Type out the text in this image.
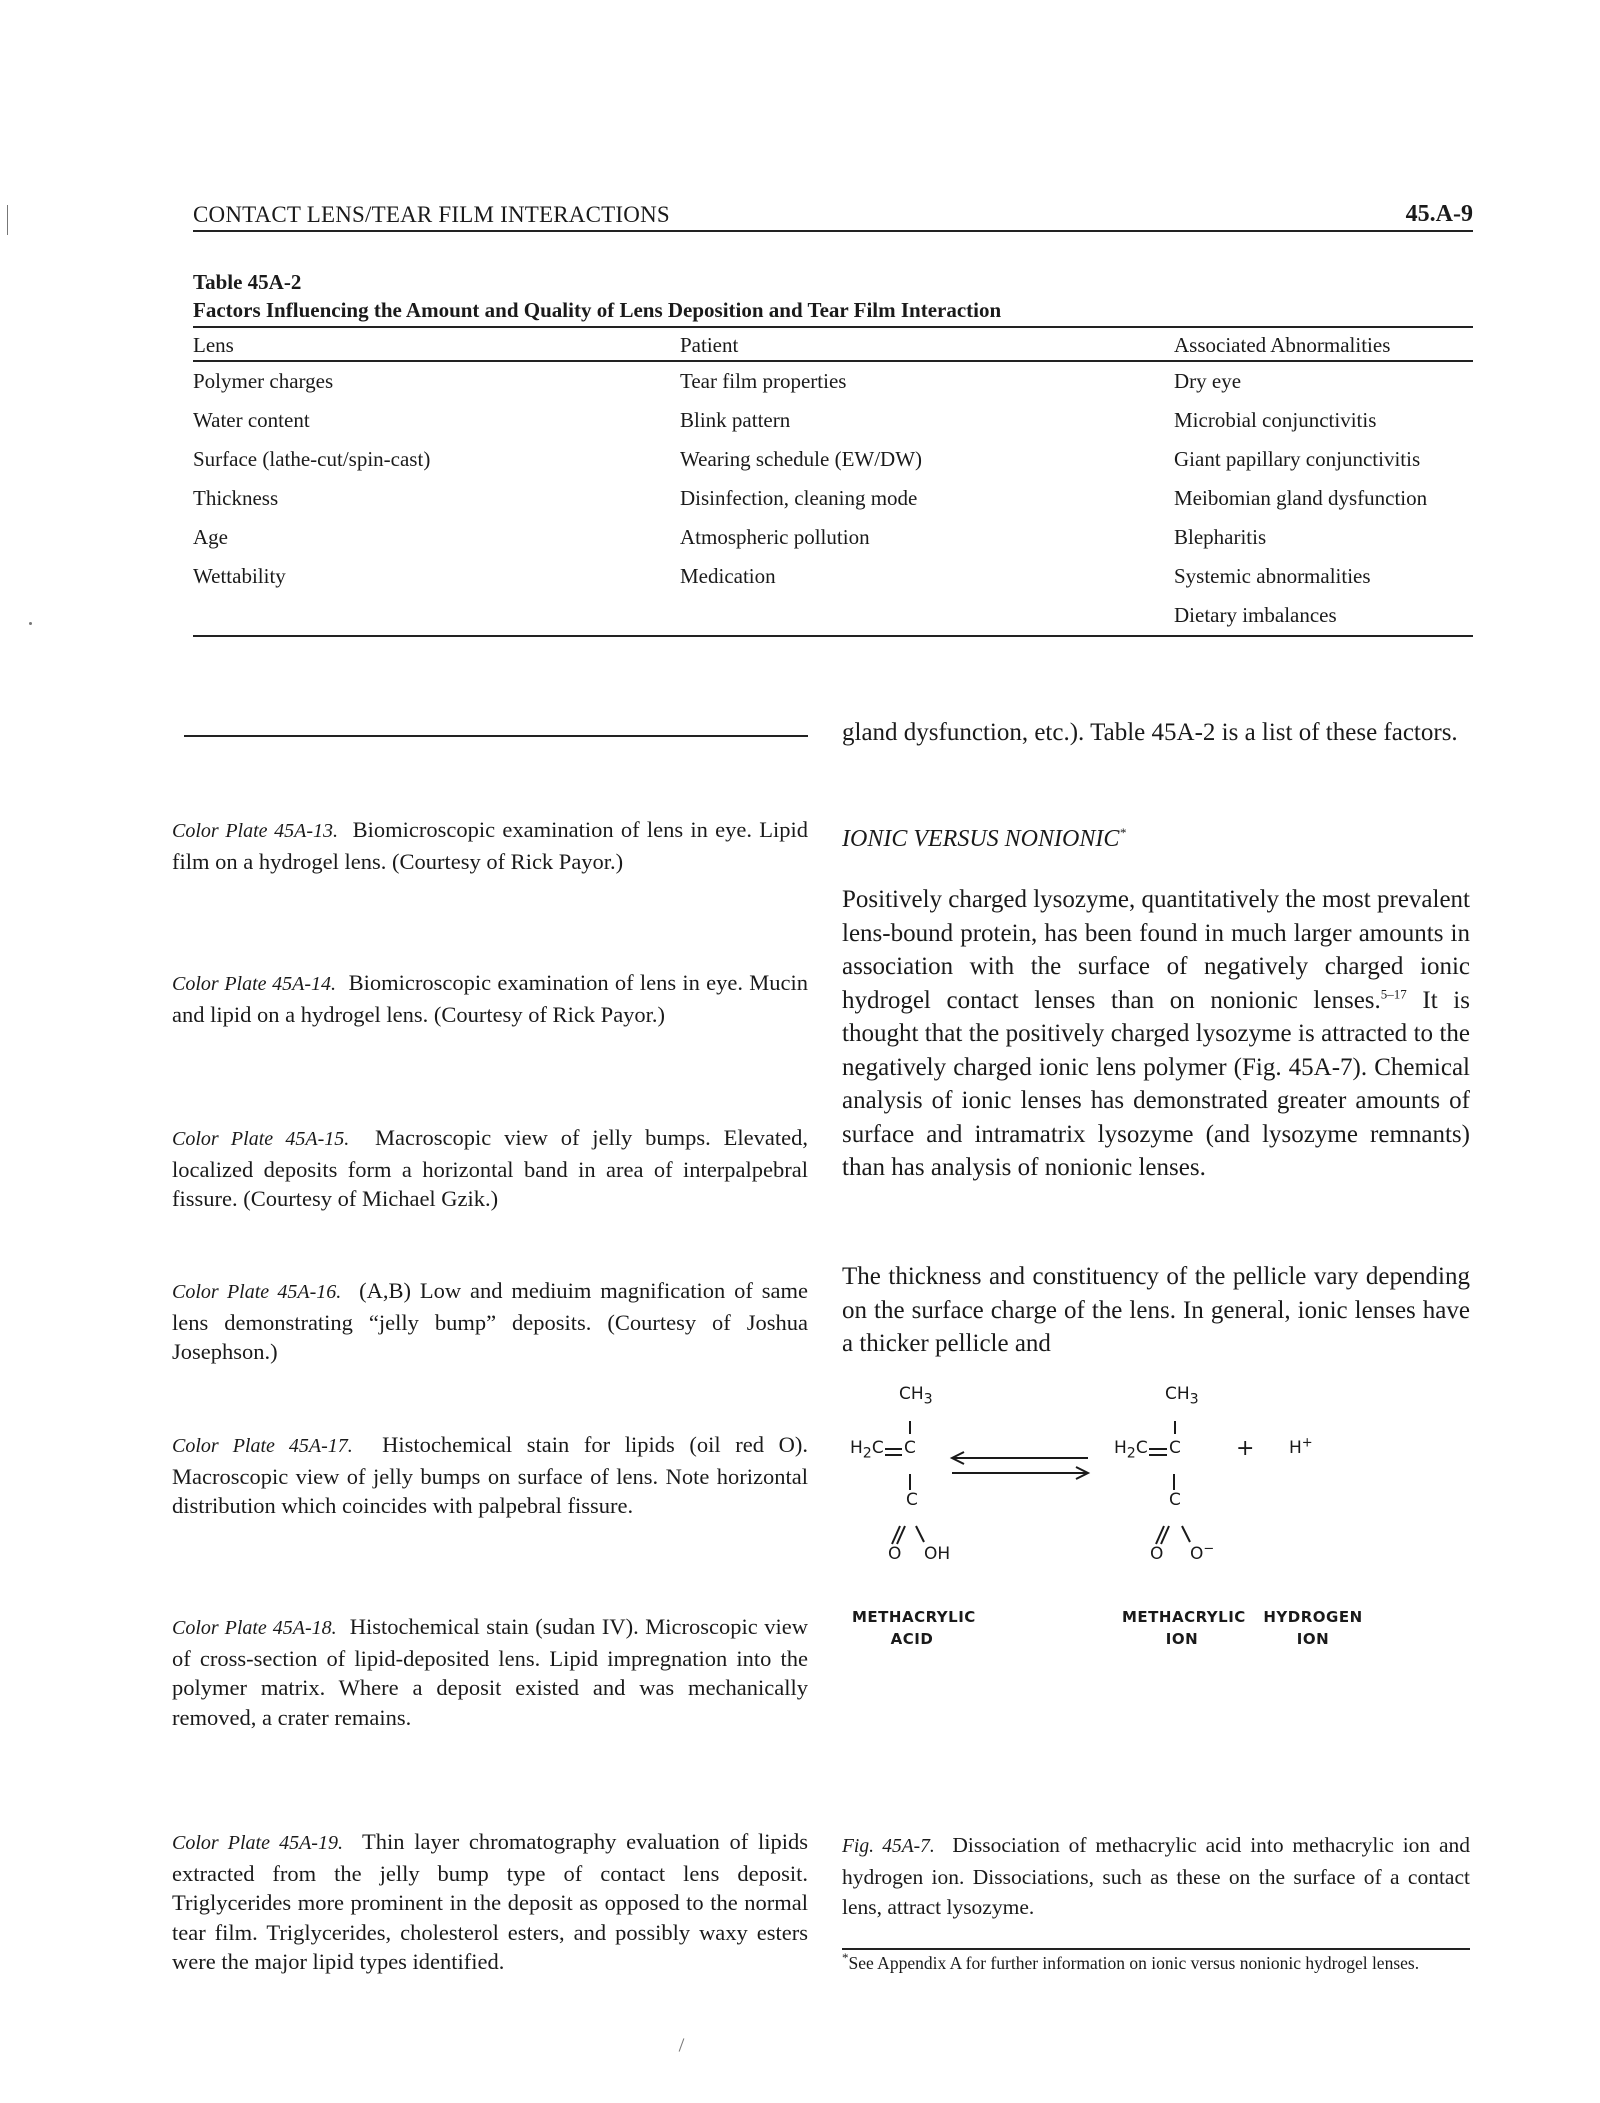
CONTACT LENS/TEAR FILM INTERACTIONS	45.A-9

Table 45A-2

Factors Influencing the Amount and Quality of Lens Deposition and Tear Film Interaction

Lens	Patient	Associated Abnormalities
Polymer charges	Tear film properties	Dry eye
Water content	Blink pattern	Microbial conjunctivitis
Surface (lathe-cut/spin-cast)	Wearing schedule (EW/DW)	Giant papillary conjunctivitis
Thickness	Disinfection, cleaning mode	Meibomian gland dysfunction
Age	Atmospheric pollution	Blepharitis
Wettability	Medication	Systemic abnormalities
		Dietary imbalances

Color Plate 45A-13. Biomicroscopic examination of lens in eye. Lipid film on a hydrogel lens. (Courtesy of Rick Payor.)

Color Plate 45A-14. Biomicroscopic examination of lens in eye. Mucin and lipid on a hydrogel lens. (Courtesy of Rick Payor.)

Color Plate 45A-15. Macroscopic view of jelly bumps. Elevated, localized deposits form a horizontal band in area of interpalpebral fissure. (Courtesy of Michael Gzik.)

Color Plate 45A-16. (A,B) Low and mediuim magnification of same lens demonstrating “jelly bump” deposits. (Courtesy of Joshua Josephson.)

Color Plate 45A-17. Histochemical stain for lipids (oil red O). Macroscopic view of jelly bumps on surface of lens. Note horizontal distribution which coincides with palpebral fissure.

Color Plate 45A-18. Histochemical stain (sudan IV). Microscopic view of cross-section of lipid-deposited lens. Lipid impregnation into the polymer matrix. Where a deposit existed and was mechanically removed, a crater remains.

Color Plate 45A-19. Thin layer chromatography evaluation of lipids extracted from the jelly bump type of contact lens deposit. Triglycerides more prominent in the deposit as opposed to the normal tear film. Triglycerides, cholesterol esters, and possibly waxy esters were the major lipid types identified.

gland dysfunction, etc.). Table 45A-2 is a list of these factors.

IONIC VERSUS NONIONIC*

Positively charged lysozyme, quantitatively the most prevalent lens-bound protein, has been found in much larger amounts in association with the surface of negatively charged ionic hydrogel contact lenses than on nonionic lenses.$^{5-17}$ It is thought that the positively charged lysozyme is attracted to the negatively charged ionic lens polymer (Fig. 45A-7). Chemical analysis of ionic lenses has demonstrated greater amounts of surface and intramatrix lysozyme (and lysozyme remnants) than has analysis of nonionic lenses.

The thickness and constituency of the pellicle vary depending on the surface charge of the lens. In general, ionic lenses have a thicker pellicle and

$CH_3$
$H_2C$ C
C
O OH
$CH_3$
$H_2C$ C
C
O O−
+ H+
METHACRYLIC
ACID
METHACRYLIC
ION
HYDROGEN
ION

Fig. 45A-7. Dissociation of methacrylic acid into methacrylic ion and hydrogen ion. Dissociations, such as these on the surface of a contact lens, attract lysozyme.

*See Appendix A for further information on ionic versus nonionic hydrogel lenses.
